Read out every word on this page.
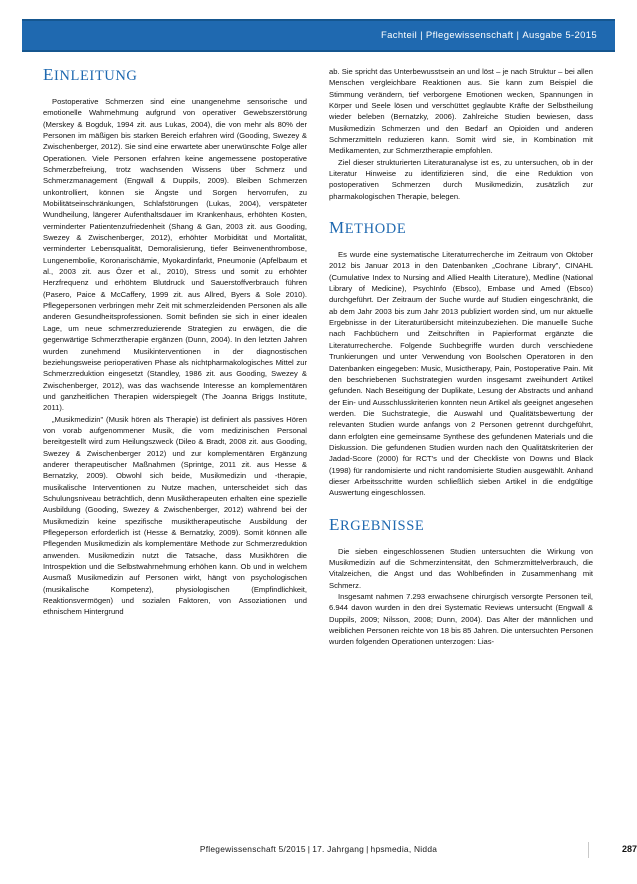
Fachteil | Pflegewissenschaft | Ausgabe 5-2015
EINLEITUNG

Postoperative Schmerzen sind eine unangenehme sensorische und emotionelle Wahrnehmung aufgrund von operativer Gewebszerstörung (Merskey & Bogduk, 1994 zit. aus Lukas, 2004), die von mehr als 80% der Personen im mäßigen bis starken Bereich erfahren wird (Gooding, Swezey & Zwischenberger, 2012). Sie sind eine erwartete aber unerwünschte Folge aller Operationen. Viele Personen erfahren keine angemessene postoperative Schmerzbefreiung, trotz wachsenden Wissens über Schmerz und Schmerzmanagement (Engwall & Duppils, 2009). Bleiben Schmerzen unkontrolliert, können sie Ängste und Sorgen hervorrufen, zu Mobilitätseinschränkungen, Schlafstörungen (Lukas, 2004), verspäteter Wundheilung, längerer Aufenthaltsdauer im Krankenhaus, erhöhten Kosten, verminderter Patientenzufriedenheit (Shang & Gan, 2003 zit. aus Gooding, Swezey & Zwischenberger, 2012), erhöhter Morbidität und Mortalität, verminderter Lebensqualität, Demoralisierung, tiefer Beinvenenthrombose, Lungenembolie, Koronarischämie, Myokardinfarkt, Pneumonie (Apfelbaum et al., 2003 zit. aus Özer et al., 2010), Stress und somit zu erhöhter Herzfrequenz und erhöhtem Blutdruck und Sauerstoffverbrauch führen (Pasero, Paice & McCaffery, 1999 zit. aus Allred, Byers & Sole 2010). Pflegepersonen verbringen mehr Zeit mit schmerzleidenden Personen als alle anderen Gesundheitsprofessionen. Somit befinden sie sich in einer idealen Lage, um neue schmerzreduzierende Strategien zu erwägen, die die gegenwärtige Schmerztherapie ergänzen (Dunn, 2004). In den letzten Jahren wurden zunehmend Musikinterventionen in der diagnostischen beziehungsweise perioperativen Phase als nichtpharmakologisches Mittel zur Schmerzreduktion eingesetzt (Standley, 1986 zit. aus Gooding, Swezey & Zwischenberger, 2012), was das wachsende Interesse an komplementären und ganzheitlichen Therapien widerspiegelt (The Joanna Briggs Institute, 2011).

„Musikmedizin" (Musik hören als Therapie) ist definiert als passives Hören von vorab aufgenommener Musik, die vom medizinischen Personal bereitgestellt wird zum Heilungszweck (Dileo & Bradt, 2008 zit. aus Gooding, Swezey & Zwischenberger 2012) und zur komplementären Ergänzung anderer therapeutischer Maßnahmen (Sprintge, 2011 zit. aus Hesse & Bernatzky, 2009). Obwohl sich beide, Musikmedizin und -therapie, musikalische Interventionen zu Nutze machen, unterscheidet sich das Schulungsniveau beträchtlich, denn Musiktherapeuten erhalten eine spezielle Ausbildung (Gooding, Swezey & Zwischenberger, 2012) während bei der Musikmedizin keine spezifische musiktherapeutische Ausbildung der Pflegeperson erforderlich ist (Hesse & Bernatzky, 2009). Somit können alle Pflegenden Musikmedizin als komplementäre Methode zur Schmerzreduktion anwenden. Musikmedizin nutzt die Tatsache, dass Musikhören die Introspektion und die Selbstwahrnehmung erhöhen kann. Ob und in welchem Ausmaß Musikmedizin auf Personen wirkt, hängt von psychologischen (musikalische Kompetenz), physiologischen (Empfindlichkeit, Reaktionsvermögen) und sozialen Faktoren, von Assoziationen und ethnischem Hintergrund

ab. Sie spricht das Unterbewusstsein an und löst – je nach Struktur – bei allen Menschen vergleichbare Reaktionen aus. Sie kann zum Beispiel die Stimmung verändern, tief verborgene Emotionen wecken, Spannungen in Körper und Seele lösen und verschüttet geglaubte Kräfte der Selbstheilung wieder beleben (Bernatzky, 2006). Zahlreiche Studien bewiesen, dass Musikmedizin Schmerzen und den Bedarf an Opioiden und anderen Schmerzmitteln reduzieren kann. Somit wird sie, in Kombination mit Medikamenten, zur Schmerztherapie empfohlen.

Ziel dieser strukturierten Literaturanalyse ist es, zu untersuchen, ob in der Literatur Hinweise zu identifizieren sind, die eine Reduktion von postoperativen Schmerzen durch Musikmedizin, zusätzlich zur pharmakologischen Therapie, belegen.

METHODE

Es wurde eine systematische Literaturrecherche im Zeitraum von Oktober 2012 bis Januar 2013 in den Datenbanken „Cochrane Library", CINAHL (Cumulative Index to Nursing and Allied Health Literature), Medline (National Library of Medicine), PsychInfo (Ebsco), Embase und Amed (Ebsco) durchgeführt. Der Zeitraum der Suche wurde auf Studien eingeschränkt, die ab dem Jahr 2003 bis zum Jahr 2013 publiziert worden sind, um nur aktuelle Ergebnisse in der Literaturübersicht miteinzubeziehen. Die manuelle Suche nach Fachbüchern und Zeitschriften in Papierformat ergänzte die Literaturrecherche. Folgende Suchbegriffe wurden durch verschiedene Trunkierungen und unter Verwendung von Boolschen Operatoren in den Datenbanken eingegeben: Music, Musictherapy, Pain, Postoperative Pain. Mit den beschriebenen Suchstrategien wurden insgesamt zweihundert Artikel gefunden. Nach Beseitigung der Duplikate, Lesung der Abstracts und anhand der Ein- und Ausschlusskriterien konnten neun Artikel als geeignet angesehen werden. Die Suchstrategie, die Auswahl und Qualitätsbewertung der relevanten Studien wurde anfangs von 2 Personen getrennt durchgeführt, dann erfolgten eine gemeinsame Synthese des gefundenen Materials und die Diskussion. Die gefundenen Studien wurden nach den Qualitätskriterien der Jadad-Score (2000) für RCT's und der Checkliste von Downs und Black (1998) für randomisierte und nicht randomisierte Studien ausgewählt. Anhand dieser Arbeitsschritte wurden schließlich sieben Artikel in die endgültige Auswertung eingeschlossen.

ERGEBNISSE

Die sieben eingeschlossenen Studien untersuchten die Wirkung von Musikmedizin auf die Schmerzintensität, den Schmerzmittelverbrauch, die Vitalzeichen, die Angst und das Wohlbefinden in Zusammenhang mit Schmerz.

Insgesamt nahmen 7.293 erwachsene chirurgisch versorgte Personen teil, 6.944 davon wurden in den drei Systematic Reviews untersucht (Engwall & Duppils, 2009; Nilsson, 2008; Dunn, 2004). Das Alter der männlichen und weiblichen Personen reichte von 18 bis 85 Jahren. Die untersuchten Personen wurden folgenden Operationen unterzogen: Lias-

Pflegewissenschaft 5/2015 | 17. Jahrgang | hpsmedia, Nidda	287
